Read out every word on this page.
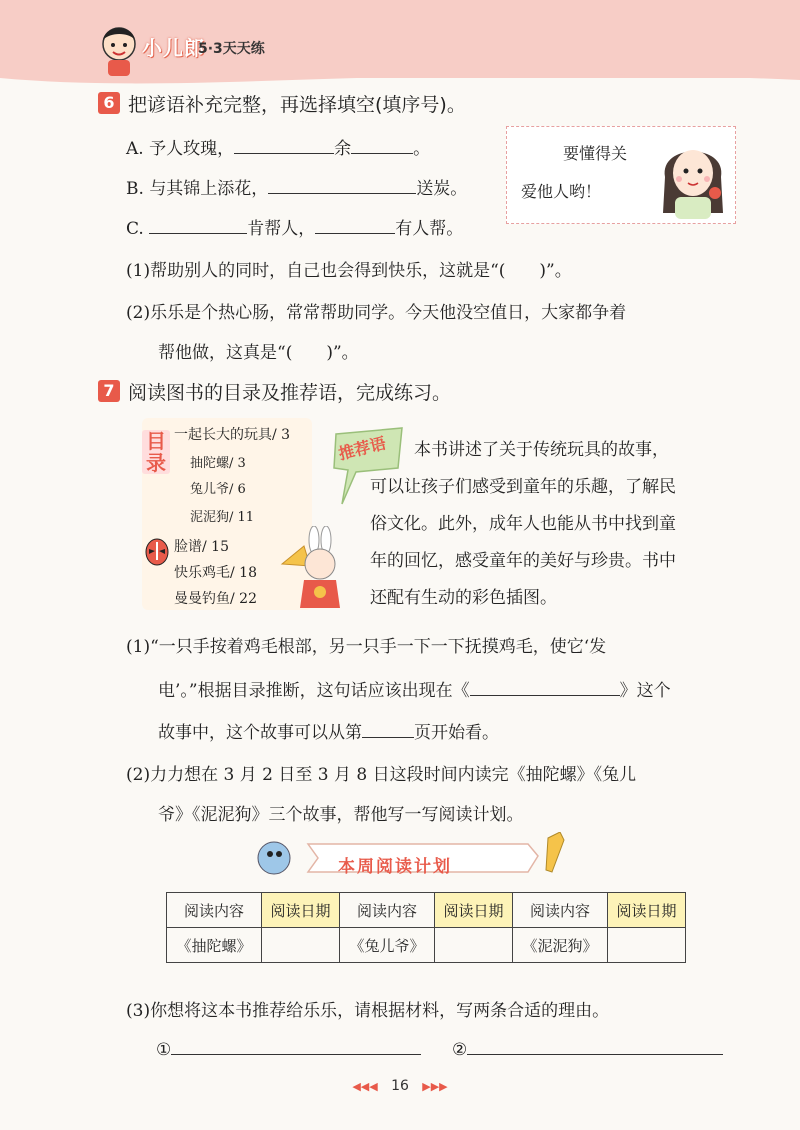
小儿郎
5·3天天练
6 把谚语补充完整，再选择填空(填序号)。
A. 予人玫瑰，	余	。
B. 与其锦上添花，	送炭。
C.	肯帮人，	有人帮。
要懂得关
爱他人哟！
(1)帮助别人的同时，自己也会得到快乐，这就是“(　　)”。
(2)乐乐是个热心肠，常常帮助同学。今天他没空值日，大家都争着
帮他做，这真是“(　　)”。
7 阅读图书的目录及推荐语，完成练习。
目录
一起长大的玩具/ 3
抽陀螺/ 3
兔儿爷/ 6
泥泥狗/ 11
脸谱/ 15
快乐鸡毛/ 18
曼曼钓鱼/ 22
推荐语	本书讲述了关于传统玩具的故事，
可以让孩子们感受到童年的乐趣，了解民
俗文化。此外，成年人也能从书中找到童
年的回忆，感受童年的美好与珍贵。书中
还配有生动的彩色插图。
(1)“一只手按着鸡毛根部，另一只手一下一下抚摸鸡毛，使它‘发
电’。”根据目录推断，这句话应该出现在《	》这个
故事中，这个故事可以从第	页开始看。
(2)力力想在 3 月 2 日至 3 月 8 日这段时间内读完《抽陀螺》《兔儿
爷》《泥泥狗》三个故事，帮他写一写阅读计划。
本周阅读计划
阅读内容	阅读日期	阅读内容	阅读日期	阅读内容	阅读日期
《抽陀螺》		《兔儿爷》		《泥泥狗》	
(3)你想将这本书推荐给乐乐，请根据材料，写两条合适的理由。
①	②
◀◀◀ 16 ▶▶▶
